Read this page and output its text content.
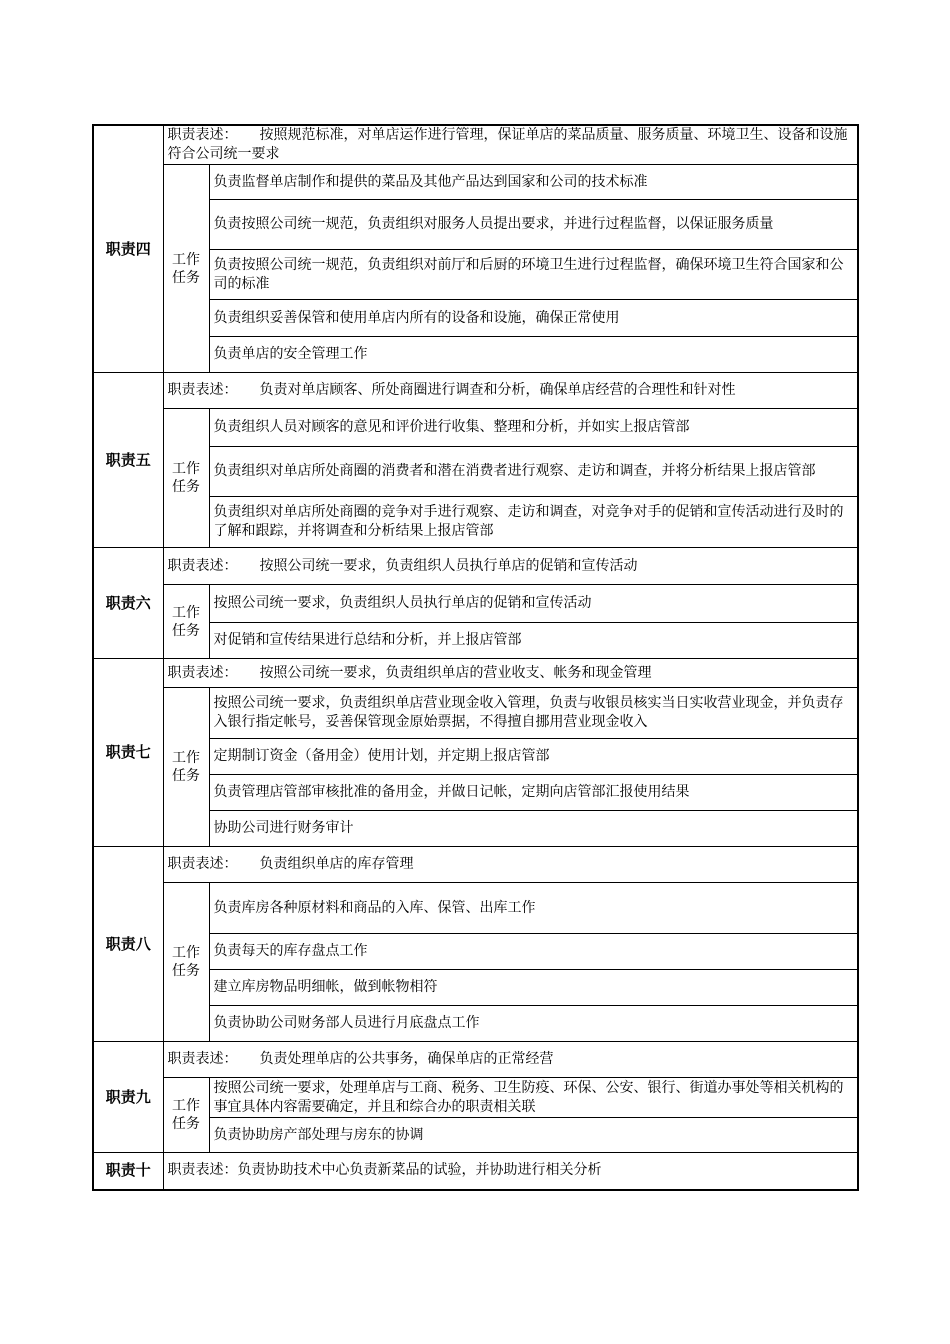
职责四	职责表述： 按照规范标准，对单店运作进行管理，保证单店的菜品质量、服务质量、环境卫生、设备和设施符合公司统一要求	
	工作任务	负责监督单店制作和提供的菜品及其他产品达到国家和公司的技术标准
		负责按照公司统一规范，负责组织对服务人员提出要求，并进行过程监督，以保证服务质量
		负责按照公司统一规范，负责组织对前厅和后厨的环境卫生进行过程监督，确保环境卫生符合国家和公司的标准
		负责组织妥善保管和使用单店内所有的设备和设施，确保正常使用
		负责单店的安全管理工作
职责五	职责表述： 负责对单店顾客、所处商圈进行调查和分析，确保单店经营的合理性和针对性	
	工作任务	负责组织人员对顾客的意见和评价进行收集、整理和分析，并如实上报店管部
		负责组织对单店所处商圈的消费者和潜在消费者进行观察、走访和调查，并将分析结果上报店管部
		负责组织对单店所处商圈的竞争对手进行观察、走访和调查，对竞争对手的促销和宣传活动进行及时的了解和跟踪，并将调查和分析结果上报店管部
职责六	职责表述： 按照公司统一要求，负责组织人员执行单店的促销和宣传活动	
	工作任务	按照公司统一要求，负责组织人员执行单店的促销和宣传活动
		对促销和宣传结果进行总结和分析，并上报店管部
职责七	职责表述： 按照公司统一要求，负责组织单店的营业收支、帐务和现金管理	
	工作任务	按照公司统一要求，负责组织单店营业现金收入管理，负责与收银员核实当日实收营业现金，并负责存入银行指定帐号，妥善保管现金原始票据，不得擅自挪用营业现金收入
		定期制订资金（备用金）使用计划，并定期上报店管部
		负责管理店管部审核批准的备用金，并做日记帐，定期向店管部汇报使用结果
		协助公司进行财务审计
职责八	职责表述： 负责组织单店的库存管理	
	工作任务	负责库房各种原材料和商品的入库、保管、出库工作
		负责每天的库存盘点工作
		建立库房物品明细帐，做到帐物相符
		负责协助公司财务部人员进行月底盘点工作
职责九	职责表述： 负责处理单店的公共事务，确保单店的正常经营	
	工作任务	按照公司统一要求，处理单店与工商、税务、卫生防疫、环保、公安、银行、街道办事处等相关机构的事宜具体内容需要确定，并且和综合办的职责相关联
		负责协助房产部处理与房东的协调
职责十	职责表述：负责协助技术中心负责新菜品的试验，并协助进行相关分析	
